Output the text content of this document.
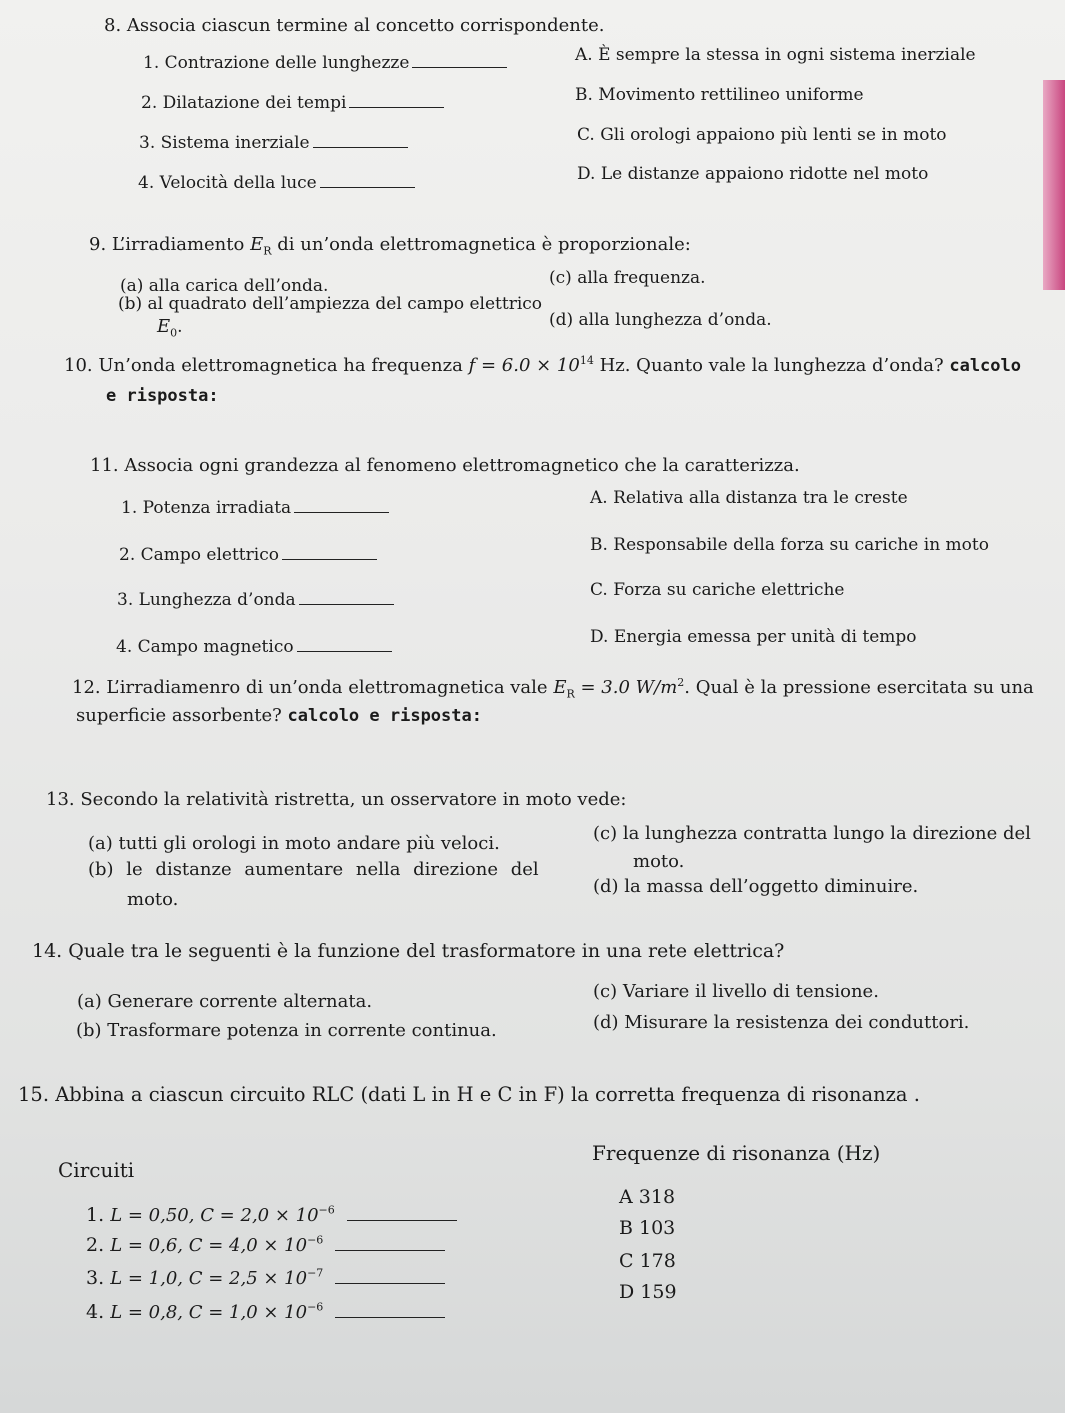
8. Associa ciascun termine al concetto corrispondente.
1. Contrazione delle lunghezze
2. Dilatazione dei tempi
3. Sistema inerziale
4. Velocità della luce
A. È sempre la stessa in ogni sistema inerziale
B. Movimento rettilineo uniforme
C. Gli orologi appaiono più lenti se in moto
D. Le distanze appaiono ridotte nel moto
9. L’irradiamento $E_R$ di un’onda elettromagnetica è proporzionale:
(a) alla carica dell’onda.
(b) al quadrato dell’ampiezza del campo elettrico
$E_0$.
(c) alla frequenza.
(d) alla lunghezza d’onda.
10. Un’onda elettromagnetica ha frequenza $f = 6.0 \times 10^{14}$ Hz. Quanto vale la lunghezza d’onda? calcolo
e risposta:
11. Associa ogni grandezza al fenomeno elettromagnetico che la caratterizza.
1. Potenza irradiata
2. Campo elettrico
3. Lunghezza d’onda
4. Campo magnetico
A. Relativa alla distanza tra le creste
B. Responsabile della forza su cariche in moto
C. Forza su cariche elettriche
D. Energia emessa per unità di tempo
12. L’irradiamenro di un’onda elettromagnetica vale $E_R = 3.0$ $W/m^2$. Qual è la pressione esercitata su una
superficie assorbente? calcolo e risposta:
13. Secondo la relatività ristretta, un osservatore in moto vede:
(a) tutti gli orologi in moto andare più veloci.
(b) le distanze aumentare nella direzione del
moto.
(c) la lunghezza contratta lungo la direzione del
moto.
(d) la massa dell’oggetto diminuire.
14. Quale tra le seguenti è la funzione del trasformatore in una rete elettrica?
(a) Generare corrente alternata.
(b) Trasformare potenza in corrente continua.
(c) Variare il livello di tensione.
(d) Misurare la resistenza dei conduttori.
15. Abbina a ciascun circuito RLC (dati L in H e C in F) la corretta frequenza di risonanza .
Circuiti
Frequenze di risonanza (Hz)
1. L = 0,50, $C = 2,0 \times 10^{-6}$
2. L = 0,6, $C = 4,0 \times 10^{-6}$
3. L = 1,0, $C = 2,5 \times 10^{-7}$
4. L = 0,8, $C = 1,0 \times 10^{-6}$
A 318
B 103
C 178
D 159
